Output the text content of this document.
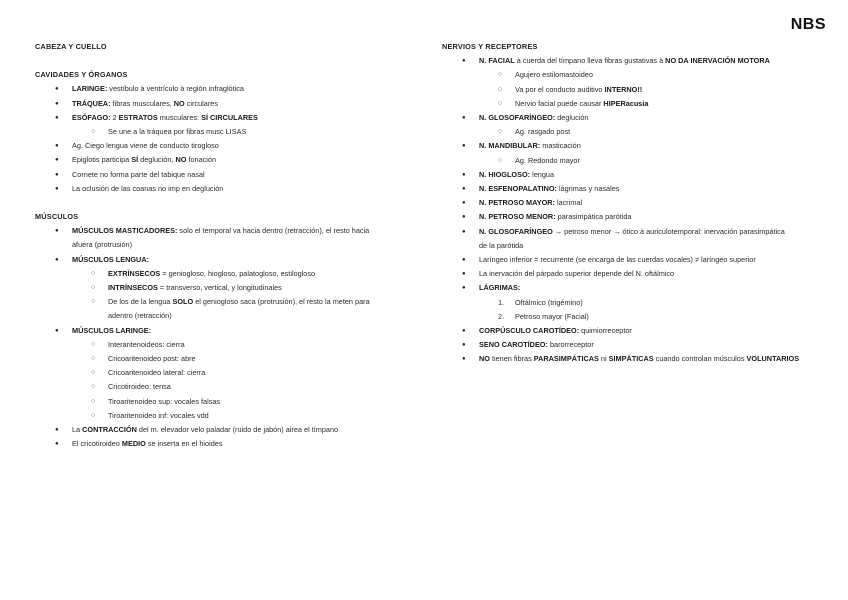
NBS
CABEZA Y CUELLO
CAVIDADES Y ÓRGANOS
● LARINGE: vestíbulo à ventrículo à región infraglótica
● TRÁQUEA: fibras musculares, NO circulares
● ESÓFAGO: 2 ESTRATOS musculares: SÍ CIRCULARES
○ Se une a la tráquea por fibras musc LISAS
● Ag. Ciego lengua viene de conducto tirogloso
● Epiglotis participa SÍ deglución, NO fonación
● Cornete no forma parte del tabique nasal
● La oclusión de las coanas no imp en deglución
MÚSCULOS
● MÚSCULOS MASTICADORES: solo el temporal va hacia dentro (retracción), el resto hacia
afuera (protrusión)
● MÚSCULOS LENGUA:
○ EXTRÍNSECOS = geniogloso, hiogloso, palatogloso, estilogloso
○ INTRÍNSECOS = transverso, vertical, y longitudinales
○ De los de la lengua SOLO el geniogloso saca (protrusión), el resto la meten para
adentro (retracción)
● MÚSCULOS LARINGE:
○ Interaritenoideos: cierra
○ Cricoaritenoideo post: abre
○ Cricoaritenoideo lateral: cierra
○ Cricotiroideo: tensa
○ Tiroaritenoideo sup: vocales falsas
○ Tiroaritenoideo inf: vocales vdd
● La CONTRACCIÓN del m. elevador velo paladar (ruido de jabón) airea el tímpano
● El cricotiroideo MEDIO se inserta en el hioides
NERVIOS Y RECEPTORES
● N. FACIAL à cuerda del tímpano lleva fibras gustativas à NO DA INERVACIÓN MOTORA
○ Agujero estilomastoideo
○ Va por el conducto auditivo INTERNO!!
○ Nervio facial puede causar HIPERacusia
● N. GLOSOFARÍNGEO: deglución
○ Ag. rasgado post
● N. MANDIBULAR: masticación
○ Ag. Redondo mayor
● N. HIOGLOSO: lengua
● N. ESFENOPALATINO: lágrimas y nasales
● N. PETROSO MAYOR: lacrimal
● N. PETROSO MENOR: parasimpática parótida
● N. GLOSOFARÍNGEO → petroso menor → ótico à auriculotemporal: inervación parasimpática
de la parótida
● Laríngeo inferior = recurrente (se encarga de las cuerdas vocales) ≠ laríngeo superior
● La inervación del párpado superior depende del N. oftálmico
● LÁGRIMAS:
1. Oftálmico (trigémino)
2. Petroso mayor (Facial)
● CORPÚSCULO CAROTÍDEO: quimiorreceptor
● SENO CAROTÍDEO: barorreceptor
● NO tienen fibras PARASIMPÁTICAS ni SIMPÁTICAS cuando controlan músculos VOLUNTARIOS
